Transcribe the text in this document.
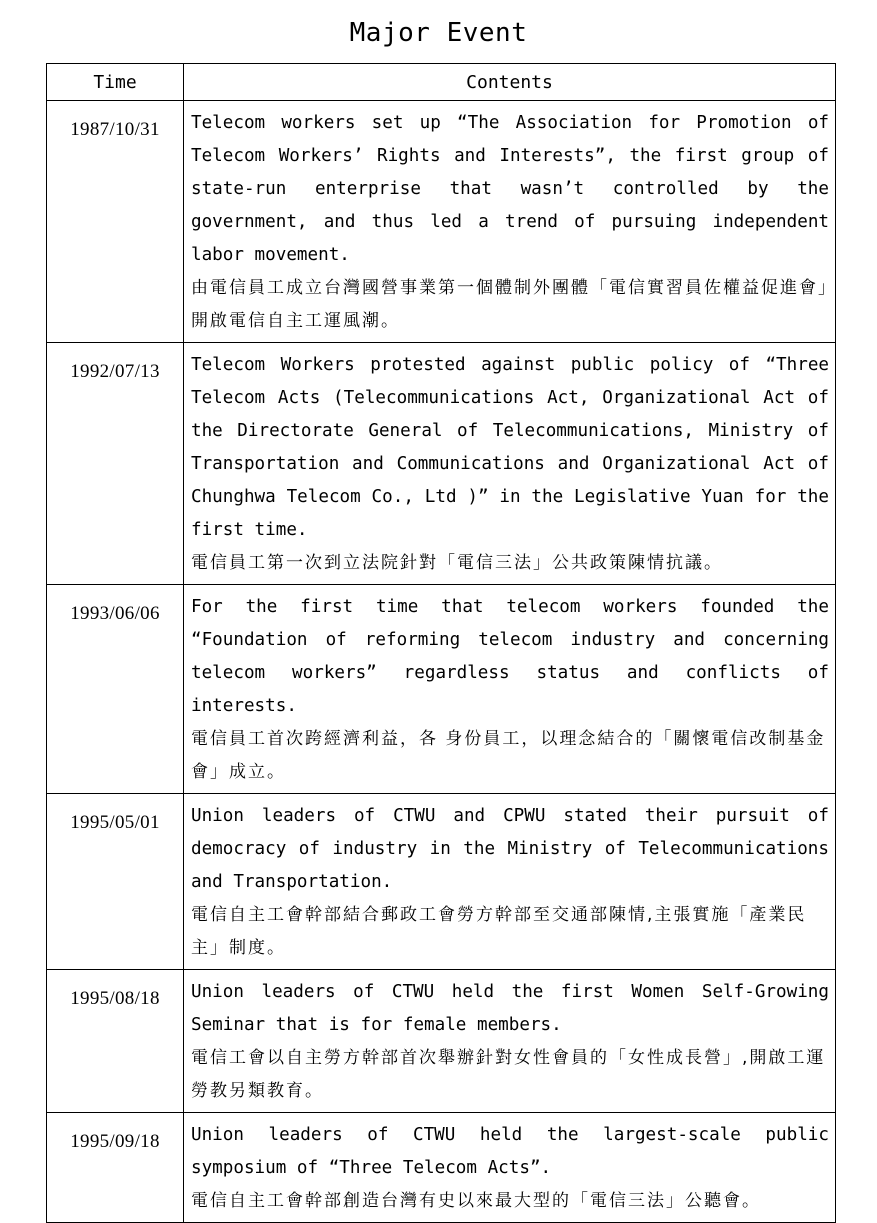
Major Event
Time	Contents
1987/10/31	Telecom workers set up “The Association for Promotion of Telecom Workers’ Rights and Interests”, the first group of state-run enterprise that wasn’t controlled by the government, and thus led a trend of pursuing independent labor movement.
由電信員工成立台灣國營事業第一個體制外團體「電信實習員佐權益促進會」開啟電信自主工運風潮。

1992/07/13	Telecom Workers protested against public policy of “Three Telecom Acts (Telecommunications Act, Organizational Act of the Directorate General of Telecommunications, Ministry of Transportation and Communications and Organizational Act of Chunghwa Telecom Co., Ltd )” in the Legislative Yuan for the first time.
電信員工第一次到立法院針對「電信三法」公共政策陳情抗議。

1993/06/06	For the first time that telecom workers founded the “Foundation of reforming telecom industry and concerning telecom workers” regardless status and conflicts of interests.
電信員工首次跨經濟利益，各 身份員工，以理念結合的「關懷電信改制基金會」成立。

1995/05/01	Union leaders of CTWU and CPWU stated their pursuit of democracy of industry in the Ministry of Telecommunications and Transportation.
電信自主工會幹部結合郵政工會勞方幹部至交通部陳情,主張實施「產業民主」制度。

1995/08/18	Union leaders of CTWU held the first Women Self-Growing Seminar that is for female members.
電信工會以自主勞方幹部首次舉辦針對女性會員的「女性成長營」,開啟工運勞教另類教育。

1995/09/18	Union leaders of CTWU held the largest-scale public symposium of “Three Telecom Acts”.
電信自主工會幹部創造台灣有史以來最大型的「電信三法」公聽會。
